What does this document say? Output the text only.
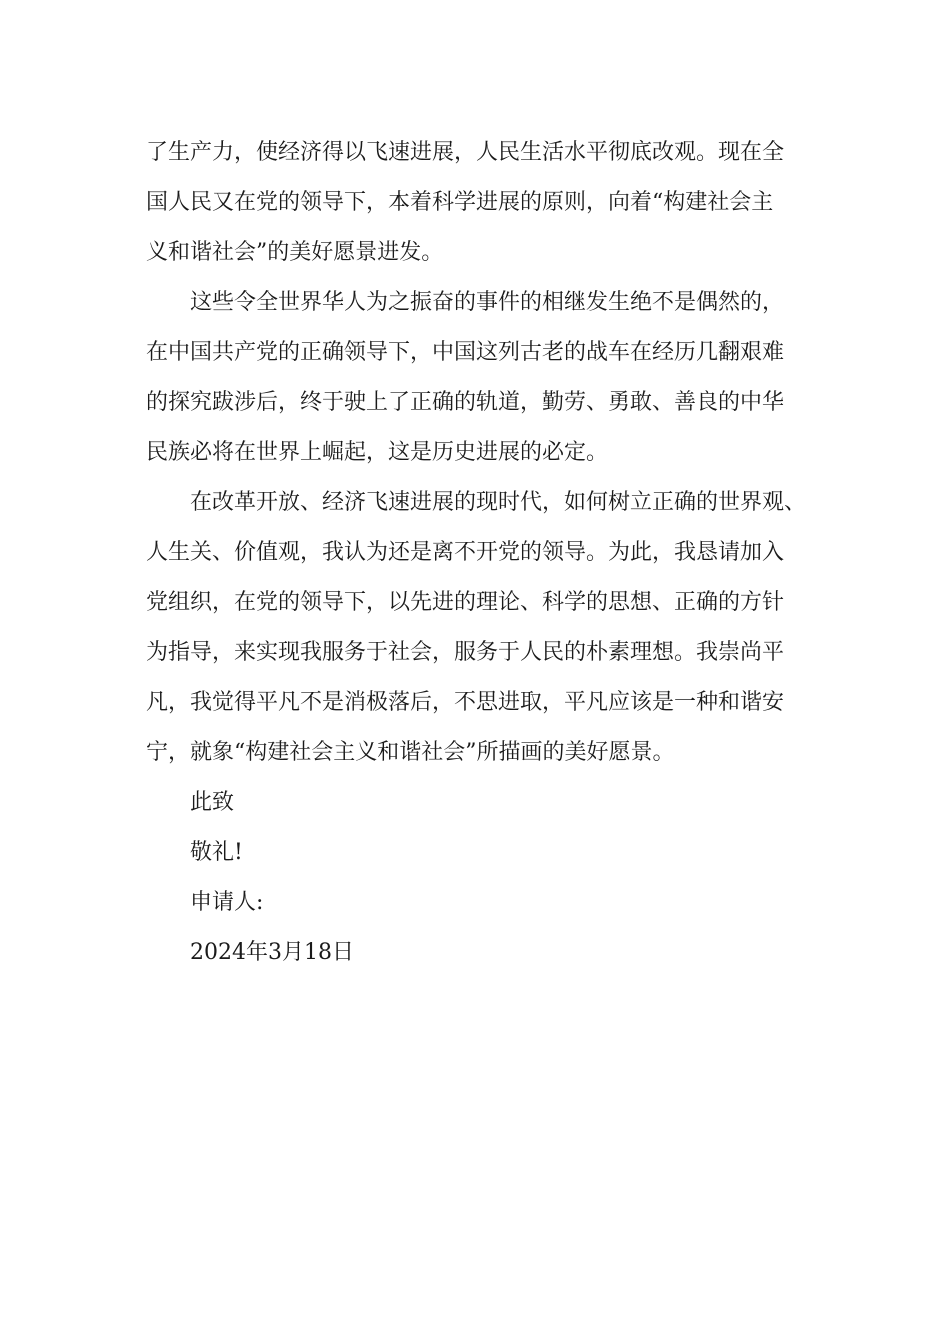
了生产力，使经济得以飞速进展，人民生活水平彻底改观。现在全
国人民又在党的领导下，本着科学进展的原则，向着“构建社会主
义和谐社会”的美好愿景进发。
这些令全世界华人为之振奋的事件的相继发生绝不是偶然的，
在中国共产党的正确领导下，中国这列古老的战车在经历几翻艰难
的探究跋涉后，终于驶上了正确的轨道，勤劳、勇敢、善良的中华
民族必将在世界上崛起，这是历史进展的必定。
在改革开放、经济飞速进展的现时代，如何树立正确的世界观、
人生关、价值观，我认为还是离不开党的领导。为此，我恳请加入
党组织，在党的领导下，以先进的理论、科学的思想、正确的方针
为指导，来实现我服务于社会，服务于人民的朴素理想。我崇尚平
凡，我觉得平凡不是消极落后，不思进取，平凡应该是一种和谐安
宁，就象“构建社会主义和谐社会”所描画的美好愿景。
此致
敬礼!
申请人:
2024年3月18日
